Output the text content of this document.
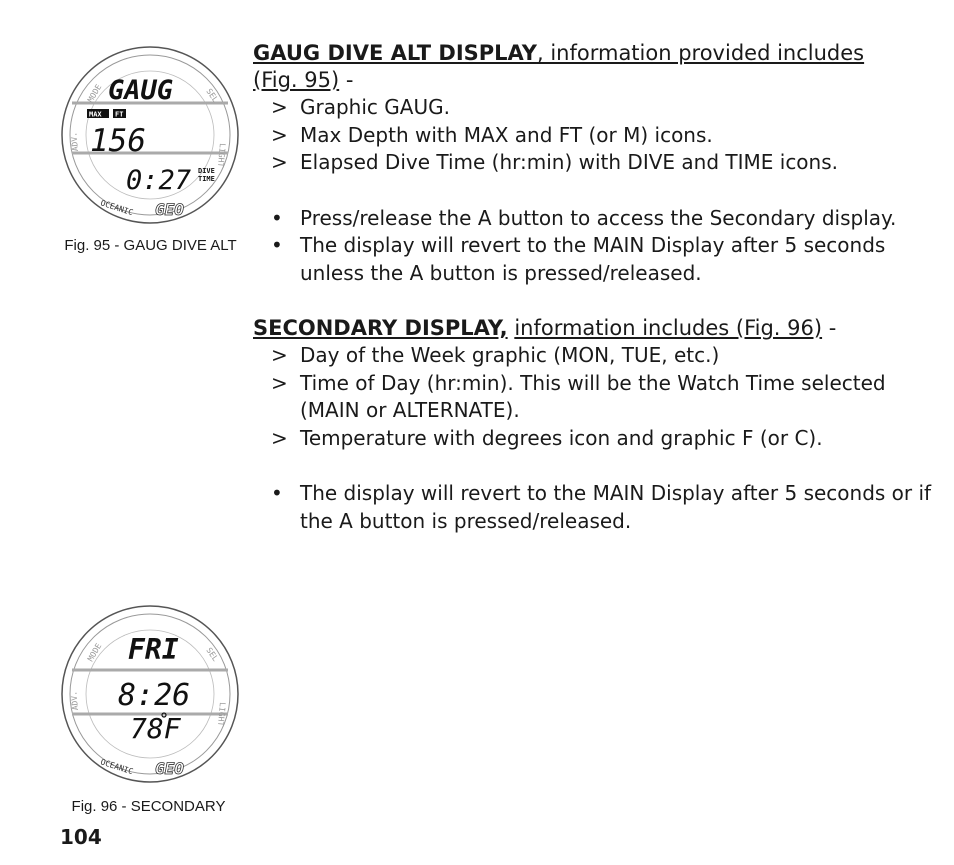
MODE	SEL
ADV.
LIGHT
GAUG
MAX FT
156
0:27 DIVE
TIME
OCEANIC GEO
Fig. 95 - GAUG DIVE ALT
MODE	SEL
ADV.
LIGHT
FRI
8:26
78F
OCEANIC GEO
Fig. 96 - SECONDARY
GAUG DIVE ALT DISPLAY, information provided includes
(Fig. 95) -
> Graphic GAUG.
> Max Depth with MAX and FT (or M) icons.
> Elapsed Dive Time (hr:min) with DIVE and TIME icons.
• Press/release the A button to access the Secondary display.
• The display will revert to the MAIN Display after 5 seconds unless the A button is pressed/released.
SECONDARY DISPLAY, information includes (Fig. 96) -
> Day of the Week graphic (MON, TUE, etc.)
> Time of Day (hr:min). This will be the Watch Time selected (MAIN or ALTERNATE).
> Temperature with degrees icon and graphic F (or C).
• The display will revert to the MAIN Display after 5 seconds or if the A button is pressed/released.
104
